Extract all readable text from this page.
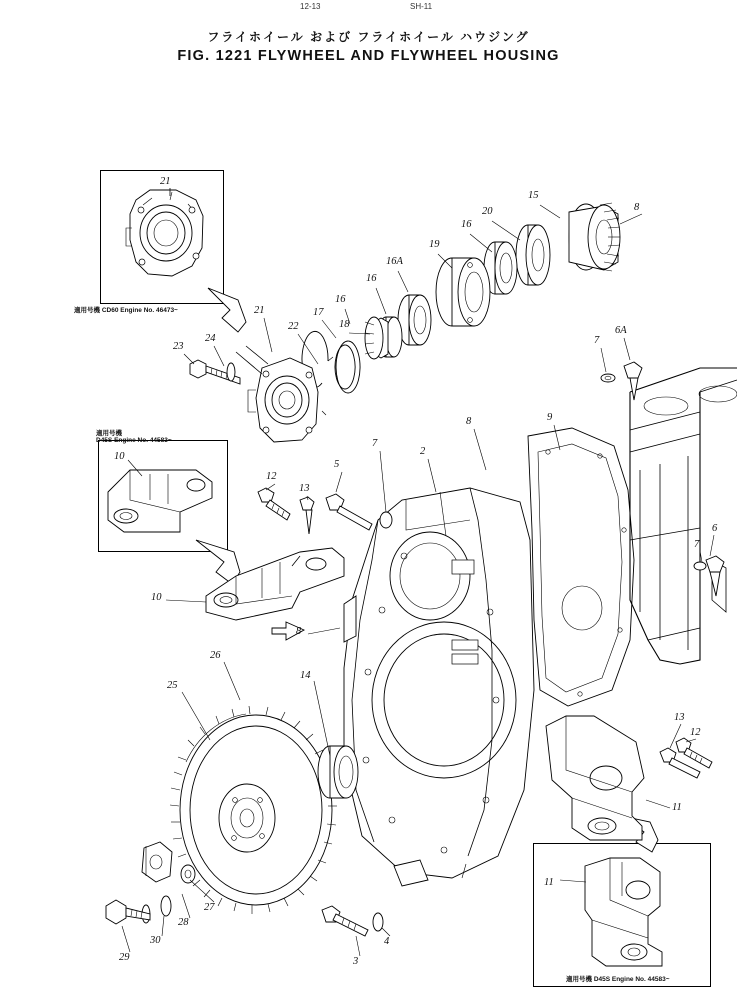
12-13	SH-11
フライホイール および フライホイール ハウジング
FIG. 1221 FLYWHEEL AND FLYWHEEL HOUSING
適用号機 CD60 Engine No. 46473~
適用号機
D45S Engine No. 44583~
適用号機 D45S Engine No. 44583~
21
15
8
20
16
19
16A
16
16
18
17
22
21
24
23
6A
7
9
8
7
2
5
13
12
10
10
6
7
8
26
25
14
13
12
11
11
27
28
30
29	3
4
